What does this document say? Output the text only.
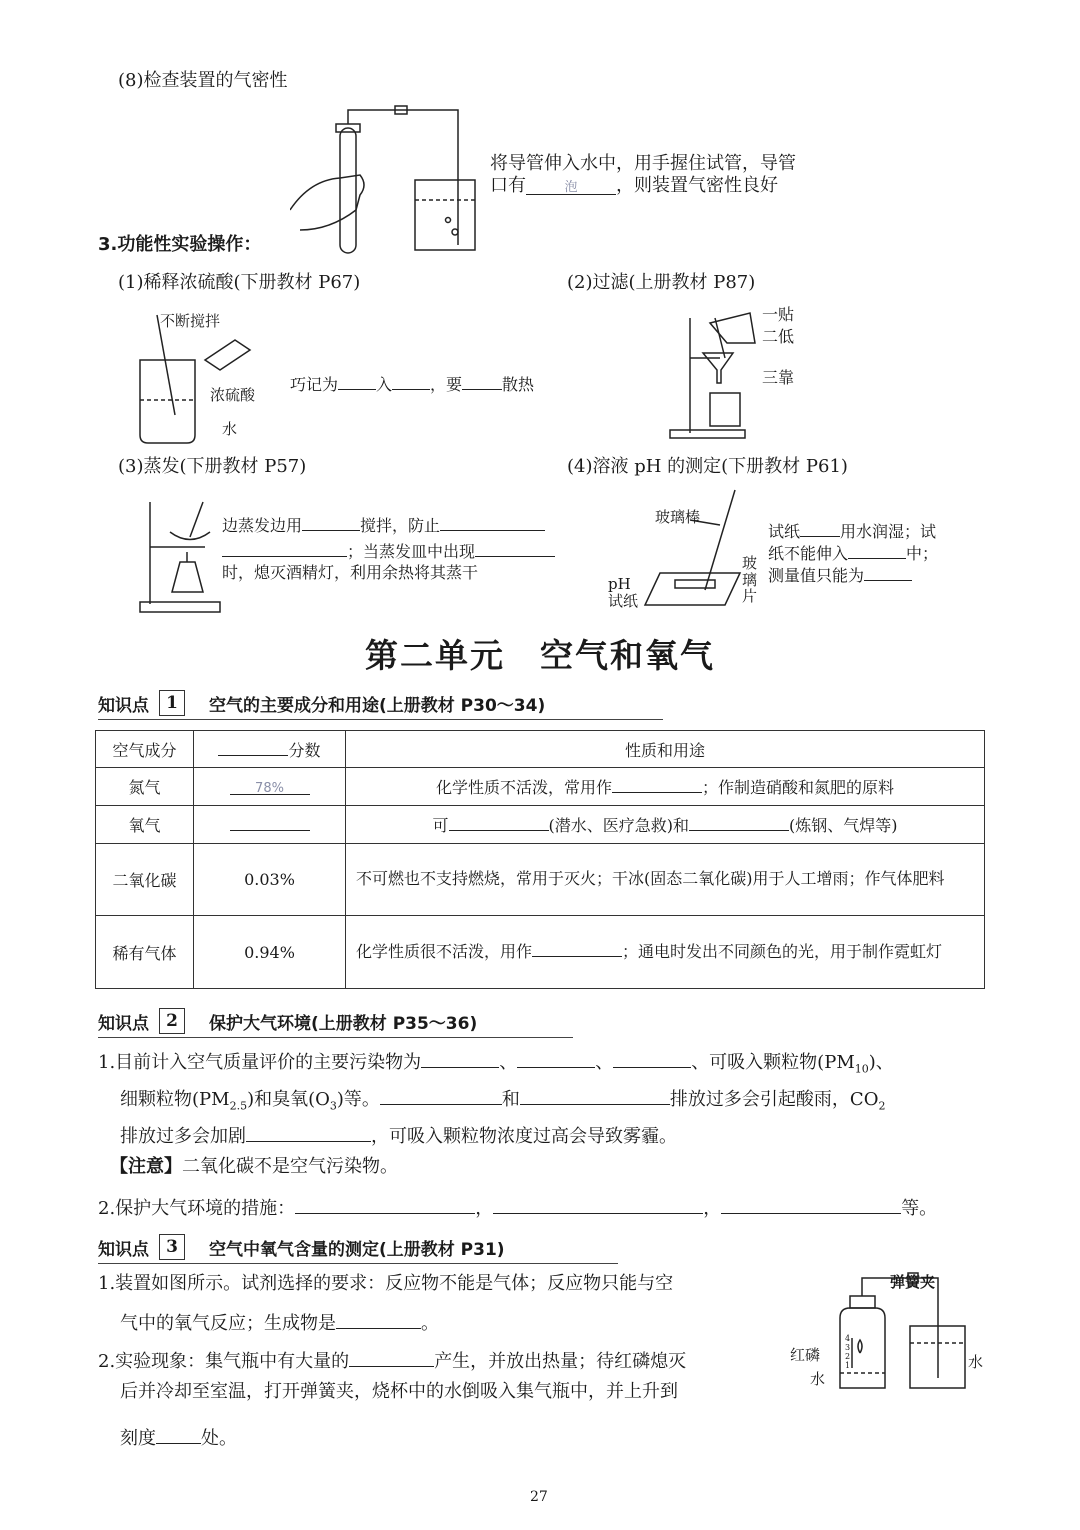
(8)检查装置的气密性
将导管伸入水中，用手握住试管，导管
口有	泡 ，则装置气密性良好
3.功能性实验操作：
(1)稀释浓硫酸(下册教材 P67)
不断搅拌
浓硫酸
水
巧记为 入 ，要	散热
(2)过滤(上册教材 P87)
一贴
二低
三靠
(3)蒸发(下册教材 P57)
边蒸发边用	搅拌，防止
；当蒸发皿中出现
时，熄灭酒精灯，利用余热将其蒸干
(4)溶液 pH 的测定(下册教材 P61)
玻璃棒
pH
试纸
玻璃片
试纸	用水润湿；试
纸不能伸入	中；
测量值只能为
第二单元　空气和氧气
知识点	1	空气的主要成分和用途(上册教材 P30～34)
空气成分	分数	性质和用途
氮气	78%	化学性质不活泼，常用作 ；作制造硝酸和氮肥的原料
氧气		可 (潜水、医疗急救)和 (炼钢、气焊等)
二氧化碳	0.03%	不可燃也不支持燃烧，常用于灭火；干冰(固态二氧化碳)用于人工增雨；作气体肥料
稀有气体	0.94%	化学性质很不活泼，用作 ；通电时发出不同颜色的光，用于制作霓虹灯
知识点	2	保护大气环境(上册教材 P35～36)
1.目前计入空气质量评价的主要污染物为	、	、	、可吸入颗粒物$(PM_{10})$、
细颗粒物$(PM_{2.5})$和臭氧$(O_3)$等。	和	排放过多会引起酸雨，$CO_2$
排放过多会加剧	，可吸入颗粒物浓度过高会导致雾霾。
【注意】二氧化碳不是空气污染物。
2.保护大气环境的措施：	，	，	等。
知识点	3	空气中氧气含量的测定(上册教材 P31)
1.装置如图所示。试剂选择的要求：反应物不能是气体；反应物只能与空
气中的氧气反应；生成物是	。
2.实验现象：集气瓶中有大量的	产生，并放出热量；待红磷熄灭
后并冷却至室温，打开弹簧夹，烧杯中的水倒吸入集气瓶中，并上升到
刻度	处。
弹簧夹
红磷
水
水
4 3 2 1
27
